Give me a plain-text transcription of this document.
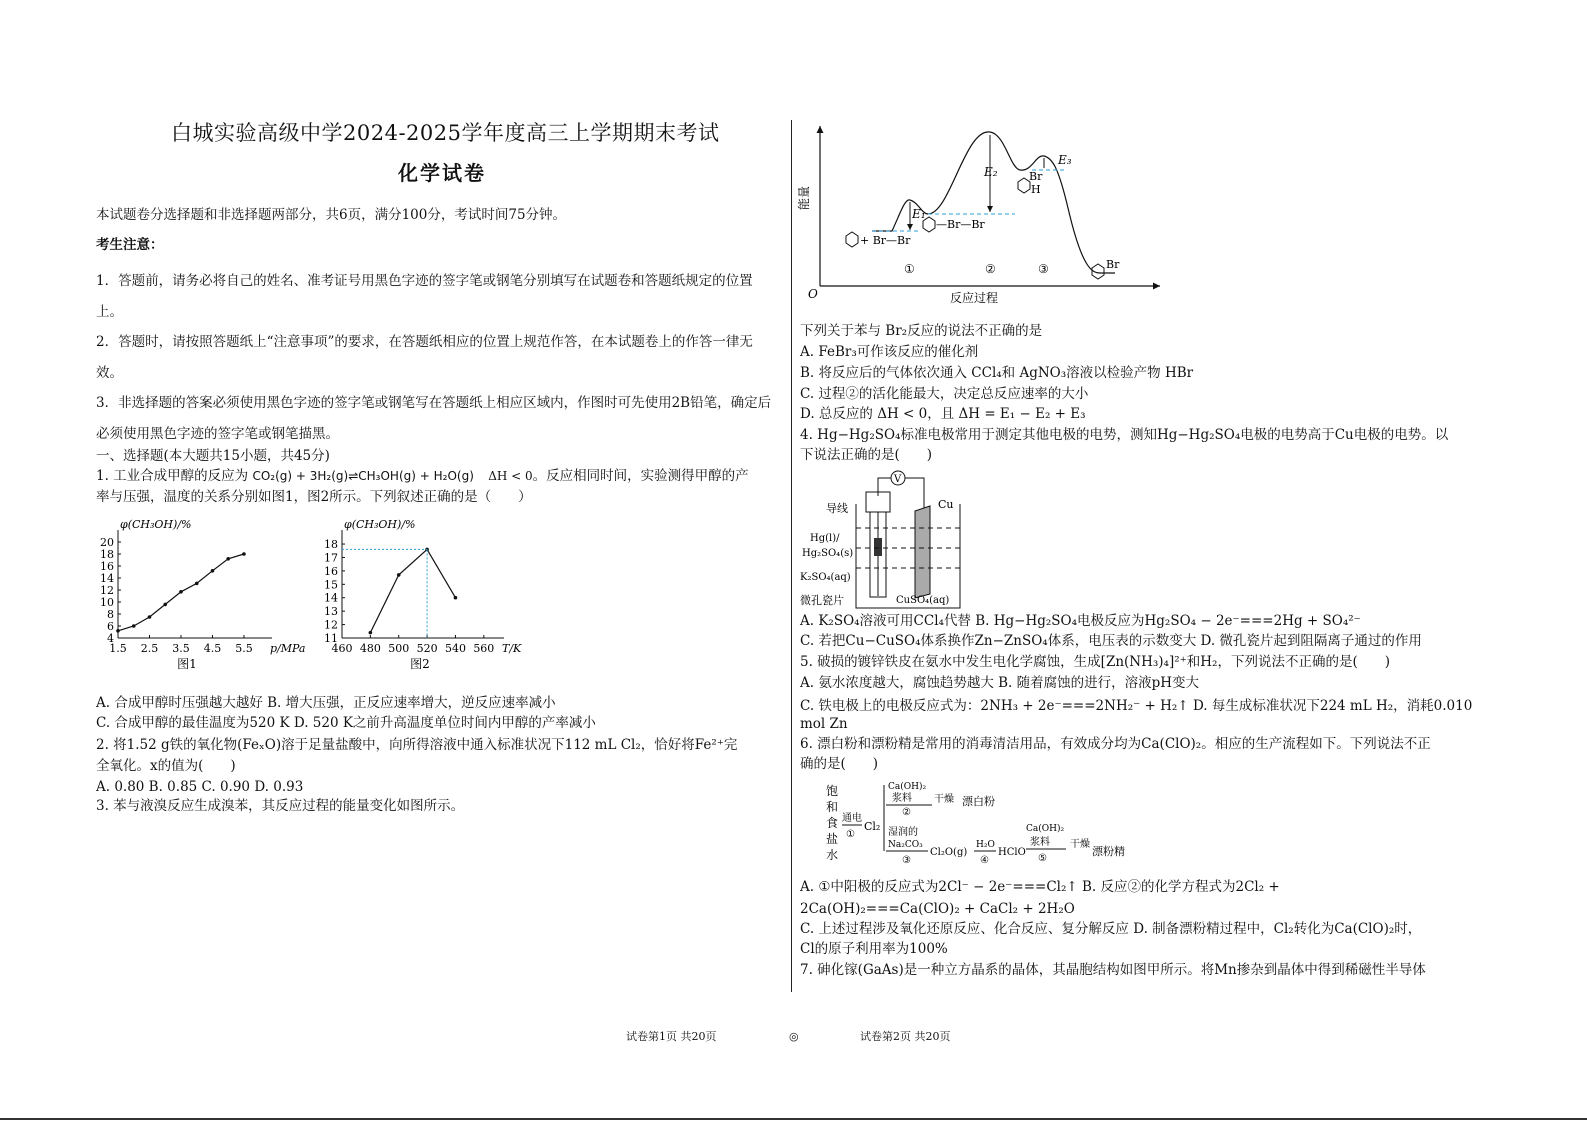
白城实验高级中学2024-2025学年度高三上学期期末考试
化学试卷
本试题卷分选择题和非选择题两部分，共6页，满分100分，考试时间75分钟。
考生注意：
1．答题前，请务必将自己的姓名、准考证号用黑色字迹的签字笔或钢笔分别填写在试题卷和答题纸规定的位置上。
2．答题时，请按照答题纸上“注意事项”的要求，在答题纸相应的位置上规范作答，在本试题卷上的作答一律无效。
3．非选择题的答案必须使用黑色字迹的签字笔或钢笔写在答题纸上相应区域内，作图时可先使用2B铅笔，确定后必须使用黑色字迹的签字笔或钢笔描黑。
一、选择题(本大题共15小题，共45分)
1. 工业合成甲醇的反应为 CO₂(g) + 3H₂(g)⇌CH₃OH(g) + H₂O(g) ΔH < 0。反应相同时间，实验测得甲醇的产
率与压强，温度的关系分别如图1，图2所示。下列叙述正确的是（　　）
4
6
8
10
12
14
16
18
20
1.5 2.5 3.5 4.5 5.5
φ(CH₃OH)/%
p/MPa
图1
11
12
13
14
15
16
17
18
460 480 500 520 540 560
φ(CH₃OH)/%
T/K
图2
A. 合成甲醇时压强越大越好 B. 增大压强，正反应速率增大，逆反应速率减小
C. 合成甲醇的最佳温度为520 K D. 520 K之前升高温度单位时间内甲醇的产率减小
2. 将1.52 g铁的氧化物(FeₓO)溶于足量盐酸中，向所得溶液中通入标准状况下112 mL Cl₂，恰好将Fe²⁺完
全氧化。x的值为(　　)
A. 0.80 B. 0.85 C. 0.90 D. 0.93
3. 苯与液溴反应生成溴苯，其反应过程的能量变化如图所示。
O
能量
反应过程
E₁
E₂
E₃
+ Br—Br
—Br—Br
Br
H
Br
①	②	③
下列关于苯与 Br₂反应的说法不正确的是
A. FeBr₃可作该反应的催化剂
B. 将反应后的气体依次通入 CCl₄和 AgNO₃溶液以检验产物 HBr
C. 过程②的活化能最大，决定总反应速率的大小
D. 总反应的 ΔH < 0，且 ΔH = E₁ − E₂ + E₃
4. Hg−Hg₂SO₄标准电极常用于测定其他电极的电势，测知Hg−Hg₂SO₄电极的电势高于Cu电极的电势。以
下说法正确的是(　　)
V
导线	Cu
Hg(l)/
Hg₂SO₄(s)
K₂SO₄(aq)
微孔瓷片	CuSO₄(aq)
A. K₂SO₄溶液可用CCl₄代替 B. Hg−Hg₂SO₄电极反应为Hg₂SO₄ − 2e⁻===2Hg + SO₄²⁻
C. 若把Cu−CuSO₄体系换作Zn−ZnSO₄体系，电压表的示数变大 D. 微孔瓷片起到阻隔离子通过的作用
5. 破损的镀锌铁皮在氨水中发生电化学腐蚀，生成[Zn(NH₃)₄]²⁺和H₂，下列说法不正确的是(　　)
A. 氨水浓度越大，腐蚀趋势越大 B. 随着腐蚀的进行，溶液pH变大
C. 铁电极上的电极反应式为：2NH₃ + 2e⁻===2NH₂⁻ + H₂↑ D. 每生成标准状况下224 mL H₂，消耗0.010
mol Zn
6. 漂白粉和漂粉精是常用的消毒清洁用品，有效成分均为Ca(ClO)₂。相应的生产流程如下。下列说法不正
确的是(　　)
饱
和
食
盐
水
通电
①
Cl₂
Ca(OH)₂
浆料
②
干燥 漂白粉
湿润的
Na₂CO₃
③
Cl₂O(g)
H₂O
④
HClO
Ca(OH)₂
浆料
⑤
干燥
漂粉精
A. ①中阳极的反应式为2Cl⁻ − 2e⁻===Cl₂↑ B. 反应②的化学方程式为2Cl₂ +
2Ca(OH)₂===Ca(ClO)₂ + CaCl₂ + 2H₂O
C. 上述过程涉及氧化还原反应、化合反应、复分解反应 D. 制备漂粉精过程中，Cl₂转化为Ca(ClO)₂时，
Cl的原子利用率为100%
7. 砷化镓(GaAs)是一种立方晶系的晶体，其晶胞结构如图甲所示。将Mn掺杂到晶体中得到稀磁性半导体
试卷第1页 共20页	◎	试卷第2页 共20页
